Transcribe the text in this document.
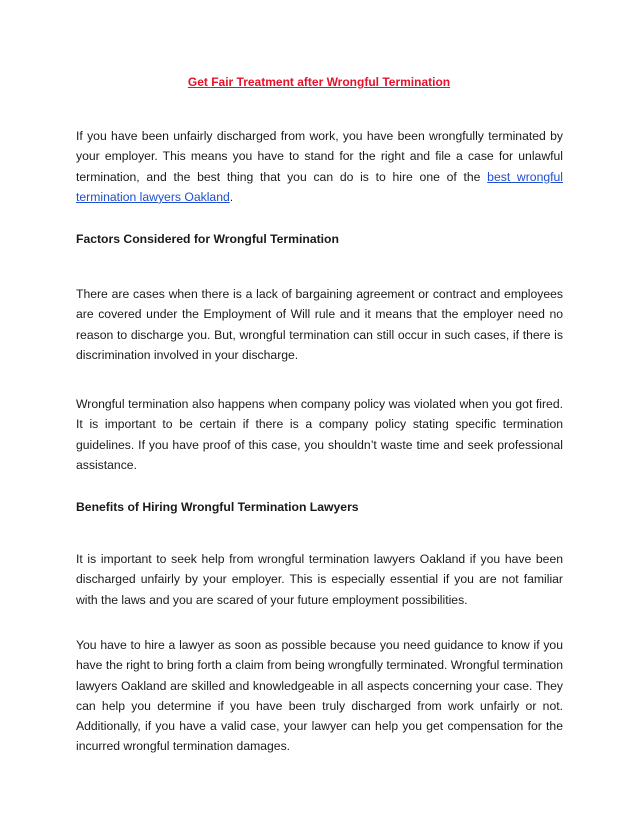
Get Fair Treatment after Wrongful Termination

If you have been unfairly discharged from work, you have been wrongfully terminated by your employer. This means you have to stand for the right and file a case for unlawful termination, and the best thing that you can do is to hire one of the best wrongful termination lawyers Oakland.

Factors Considered for Wrongful Termination

There are cases when there is a lack of bargaining agreement or contract and employees are covered under the Employment of Will rule and it means that the employer need no reason to discharge you. But, wrongful termination can still occur in such cases, if there is discrimination involved in your discharge.

Wrongful termination also happens when company policy was violated when you got fired. It is important to be certain if there is a company policy stating specific termination guidelines. If you have proof of this case, you shouldn’t waste time and seek professional assistance.

Benefits of Hiring Wrongful Termination Lawyers

It is important to seek help from wrongful termination lawyers Oakland if you have been discharged unfairly by your employer. This is especially essential if you are not familiar with the laws and you are scared of your future employment possibilities.

You have to hire a lawyer as soon as possible because you need guidance to know if you have the right to bring forth a claim from being wrongfully terminated. Wrongful termination lawyers Oakland are skilled and knowledgeable in all aspects concerning your case. They can help you determine if you have been truly discharged from work unfairly or not. Additionally, if you have a valid case, your lawyer can help you get compensation for the incurred wrongful termination damages.
